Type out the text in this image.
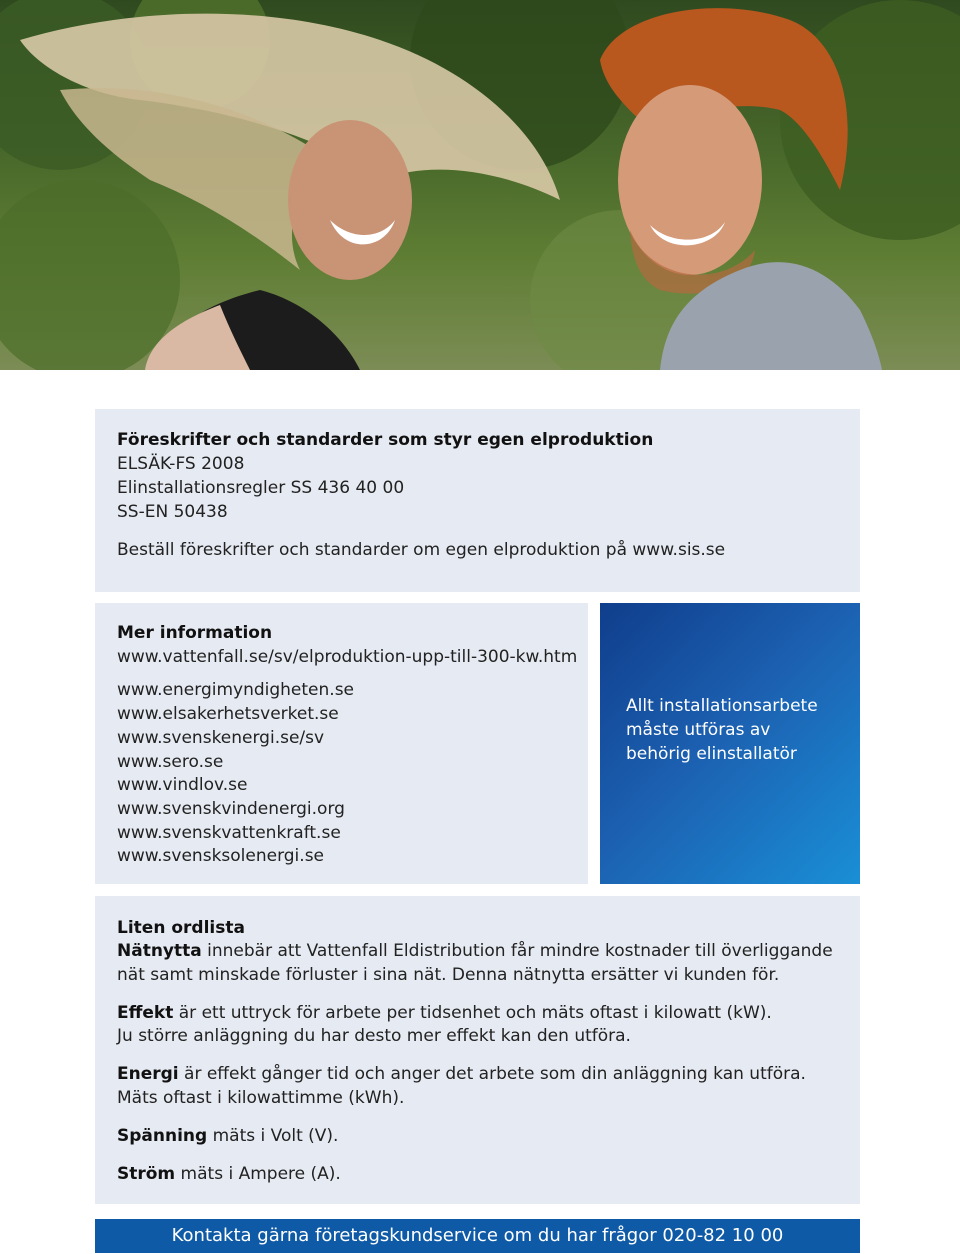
Föreskrifter och standarder som styr egen elproduktion
ELSÄK-FS 2008
Elinstallationsregler SS 436 40 00
SS-EN 50438
Beställ föreskrifter och standarder om egen elproduktion på www.sis.se
Mer information
www.vattenfall.se/sv/elproduktion-upp-till-300-kw.htm
www.energimyndigheten.se
www.elsakerhetsverket.se
www.svenskenergi.se/sv
www.sero.se
www.vindlov.se
www.svenskvindenergi.org
www.svenskvattenkraft.se
www.svensksolenergi.se
Allt installationsarbete
måste utföras av
behörig elinstallatör
Liten ordlista
Nätnytta innebär att Vattenfall Eldistribution får mindre kostnader till överliggande
nät samt minskade förluster i sina nät. Denna nätnytta ersätter vi kunden för.
Effekt är ett uttryck för arbete per tidsenhet och mäts oftast i kilowatt (kW).
Ju större anläggning du har desto mer effekt kan den utföra.
Energi är effekt gånger tid och anger det arbete som din anläggning kan utföra.
Mäts oftast i kilowattimme (kWh).
Spänning mäts i Volt (V).
Ström mäts i Ampere (A).
Kontakta gärna företagskundservice om du har frågor 020-82 10 00
